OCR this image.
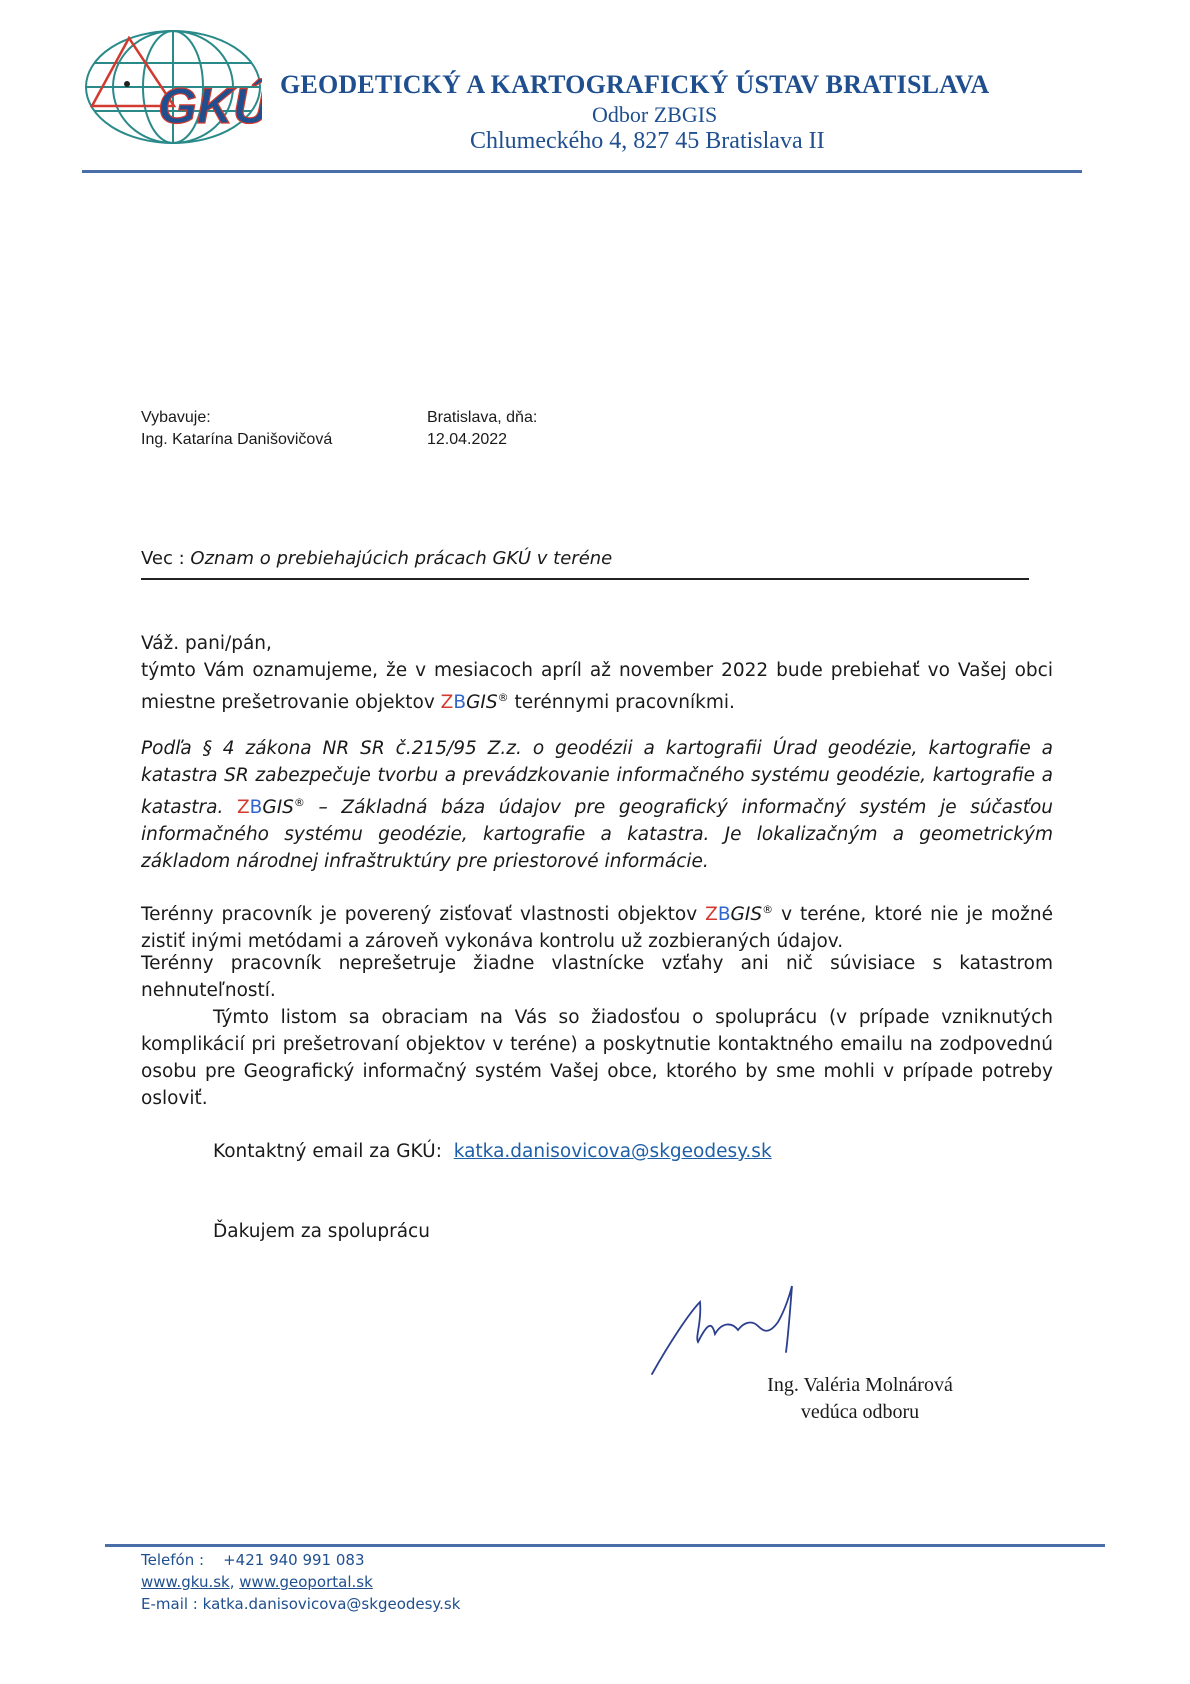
GKÚ GEODETICKÝ A KARTOGRAFICKÝ ÚSTAV BRATISLAVA
Odbor ZBGIS
Chlumeckého 4, 827 45 Bratislava II
Vybavuje:
Ing. Katarína Danišovičová
Bratislava, dňa:
12.04.2022
Vec : Oznam o prebiehajúcich prácach GKÚ v teréne
Váž. pani/pán,

týmto Vám oznamujeme, že v mesiacoch apríl až november 2022 bude prebiehať vo Vašej obci miestne prešetrovanie objektov ZBGIS® terénnymi pracovníkmi.

Podľa § 4 zákona NR SR č.215/95 Z.z. o geodézii a kartografii Úrad geodézie, kartografie a katastra SR zabezpečuje tvorbu a prevádzkovanie informačného systému geodézie, kartografie a katastra. ZBGIS® – Základná báza údajov pre geografický informačný systém je súčasťou informačného systému geodézie, kartografie a katastra. Je lokalizačným a geometrickým základom národnej infraštruktúry pre priestorové informácie.

Terénny pracovník je poverený zisťovať vlastnosti objektov ZBGIS® v teréne, ktoré nie je možné zistiť inými metódami a zároveň vykonáva kontrolu už zozbieraných údajov.

Terénny pracovník neprešetruje žiadne vlastnícke vzťahy ani nič súvisiace s katastrom nehnuteľností.

Týmto listom sa obraciam na Vás so žiadosťou o spoluprácu (v prípade vzniknutých komplikácií pri prešetrovaní objektov v teréne) a poskytnutie kontaktného emailu na zodpovednú osobu pre Geografický informačný systém Vašej obce, ktorého by sme mohli v prípade potreby osloviť.

Kontaktný email za GKÚ: katka.danisovicova@skgeodesy.sk
Ďakujem za spoluprácu
Ing. Valéria Molnárová
vedúca odboru
Telefón : +421 940 991 083
www.gku.sk, www.geoportal.sk
E-mail : katka.danisovicova@skgeodesy.sk
